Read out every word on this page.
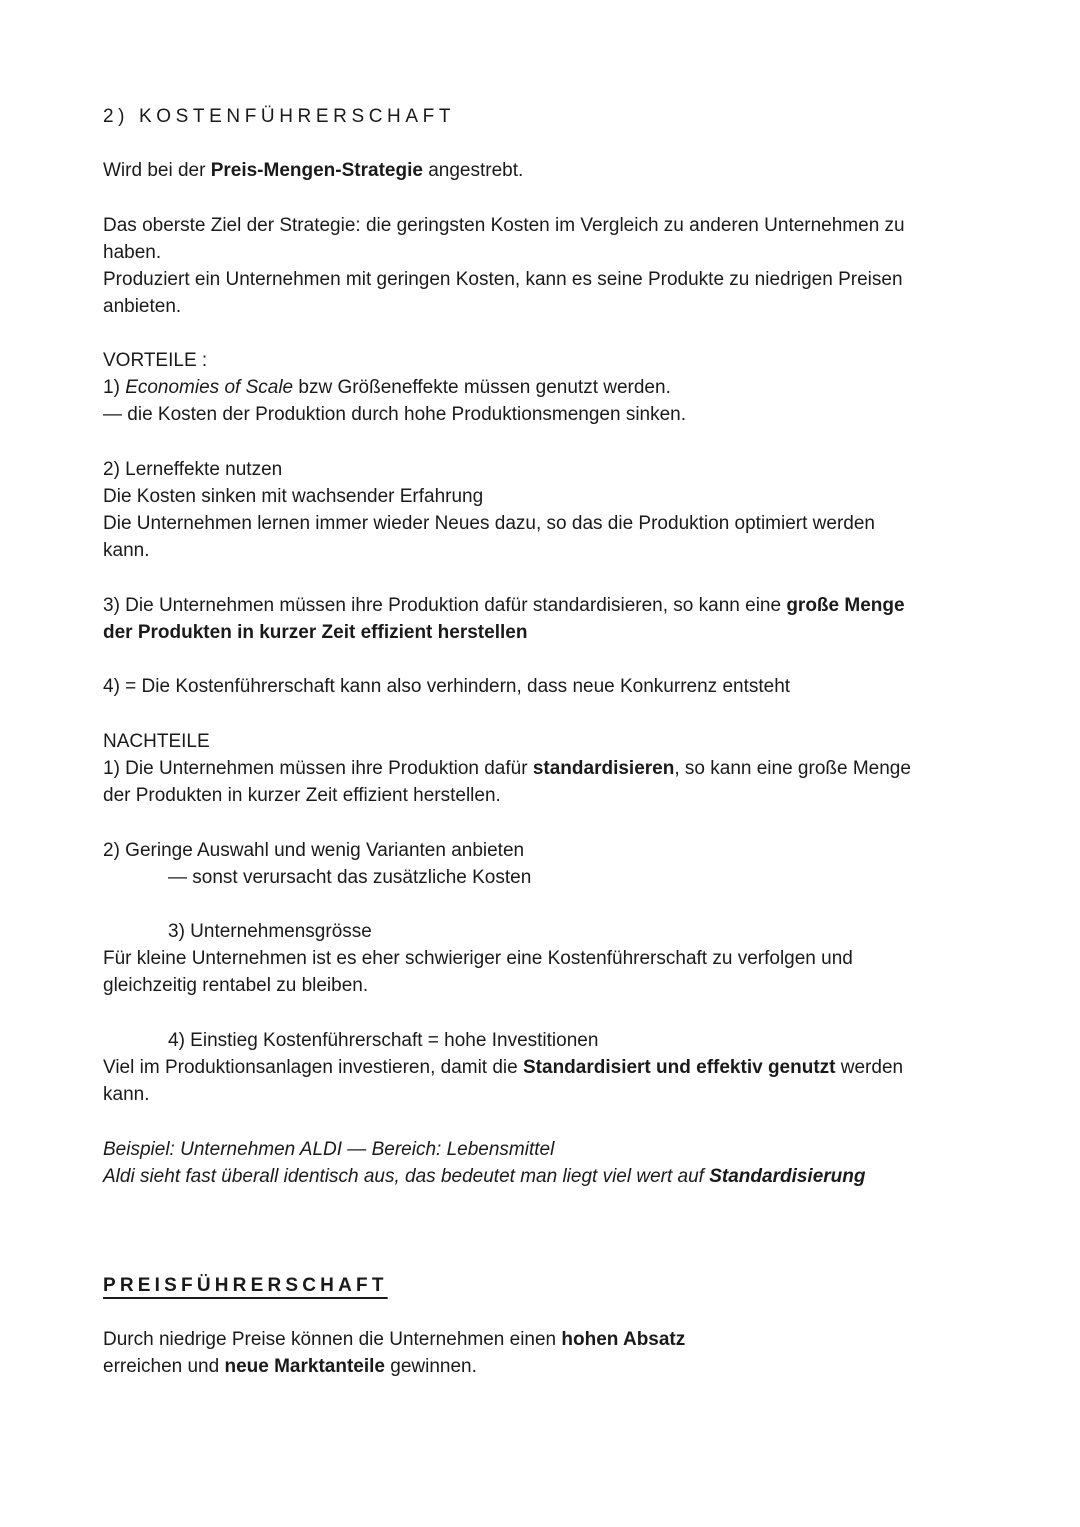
2) KOSTENFÜHRERSCHAFT
Wird bei der Preis-Mengen-Strategie angestrebt.
Das oberste Ziel der Strategie: die geringsten Kosten im Vergleich zu anderen Unternehmen zu
haben.
Produziert ein Unternehmen mit geringen Kosten, kann es seine Produkte zu niedrigen Preisen
anbieten.
VORTEILE :
1) Economies of Scale bzw Größeneffekte müssen genutzt werden.
— die Kosten der Produktion durch hohe Produktionsmengen sinken.
2) Lerneffekte nutzen
Die Kosten sinken mit wachsender Erfahrung
Die Unternehmen lernen immer wieder Neues dazu, so das die Produktion optimiert werden
kann.
3) Die Unternehmen müssen ihre Produktion dafür standardisieren, so kann eine große Menge
der Produkten in kurzer Zeit effizient herstellen
4) = Die Kostenführerschaft kann also verhindern, dass neue Konkurrenz entsteht
NACHTEILE
1) Die Unternehmen müssen ihre Produktion dafür standardisieren, so kann eine große Menge
der Produkten in kurzer Zeit effizient herstellen.
2) Geringe Auswahl und wenig Varianten anbieten
— sonst verursacht das zusätzliche Kosten
3) Unternehmensgrösse
Für kleine Unternehmen ist es eher schwieriger eine Kostenführerschaft zu verfolgen und
gleichzeitig rentabel zu bleiben.
4) Einstieg Kostenführerschaft = hohe Investitionen
Viel im Produktionsanlagen investieren, damit die Standardisiert und effektiv genutzt werden
kann.
Beispiel: Unternehmen ALDI — Bereich: Lebensmittel
Aldi sieht fast überall identisch aus, das bedeutet man liegt viel wert auf Standardisierung
PREISFÜHRERSCHAFT
Durch niedrige Preise können die Unternehmen einen hohen Absatz
erreichen und neue Marktanteile gewinnen.
